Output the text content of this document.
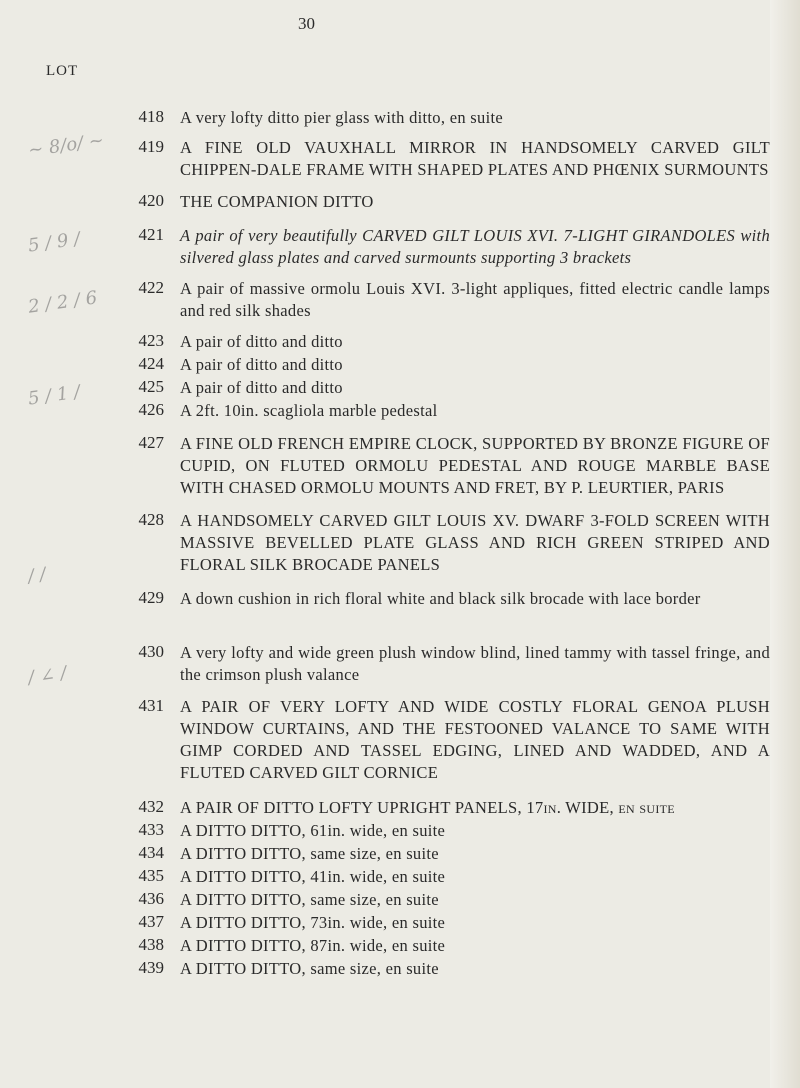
30
LOT
~ 8/o/ ~
5 / 9 /
2 / 2 / 6
5 / 1 /
/ /
/ ∠ /
418 A very lofty ditto pier glass with ditto, en suite
419 A FINE OLD VAUXHALL MIRROR IN HANDSOMELY CARVED GILT CHIPPEN-DALE FRAME WITH SHAPED PLATES AND PHŒNIX SURMOUNTS
420 THE COMPANION DITTO
421 A pair of very beautifully CARVED GILT LOUIS XVI. 7-LIGHT GIRANDOLES with silvered glass plates and carved surmounts supporting 3 brackets
422 A pair of massive ormolu Louis XVI. 3-light appliques, fitted electric candle lamps and red silk shades
423 A pair of ditto and ditto
424 A pair of ditto and ditto
425 A pair of ditto and ditto
426 A 2ft. 10in. scagliola marble pedestal
427 A FINE OLD FRENCH EMPIRE CLOCK, SUPPORTED BY BRONZE FIGURE OF CUPID, ON FLUTED ORMOLU PEDESTAL AND ROUGE MARBLE BASE WITH CHASED ORMOLU MOUNTS AND FRET, BY P. LEURTIER, PARIS
428 A HANDSOMELY CARVED GILT LOUIS XV. DWARF 3-FOLD SCREEN WITH MASSIVE BEVELLED PLATE GLASS AND RICH GREEN STRIPED AND FLORAL SILK BROCADE PANELS
429 A down cushion in rich floral white and black silk brocade with lace border
430 A very lofty and wide green plush window blind, lined tammy with tassel fringe, and the crimson plush valance
431 A PAIR OF VERY LOFTY AND WIDE COSTLY FLORAL GENOA PLUSH WINDOW CURTAINS, AND THE FESTOONED VALANCE TO SAME WITH GIMP CORDED AND TASSEL EDGING, LINED AND WADDED, AND A FLUTED CARVED GILT CORNICE
432 A PAIR OF DITTO LOFTY UPRIGHT PANELS, 17in. WIDE, en suite
433 A DITTO DITTO, 61in. wide, en suite
434 A DITTO DITTO, same size, en suite
435 A DITTO DITTO, 41in. wide, en suite
436 A DITTO DITTO, same size, en suite
437 A DITTO DITTO, 73in. wide, en suite
438 A DITTO DITTO, 87in. wide, en suite
439 A DITTO DITTO, same size, en suite
